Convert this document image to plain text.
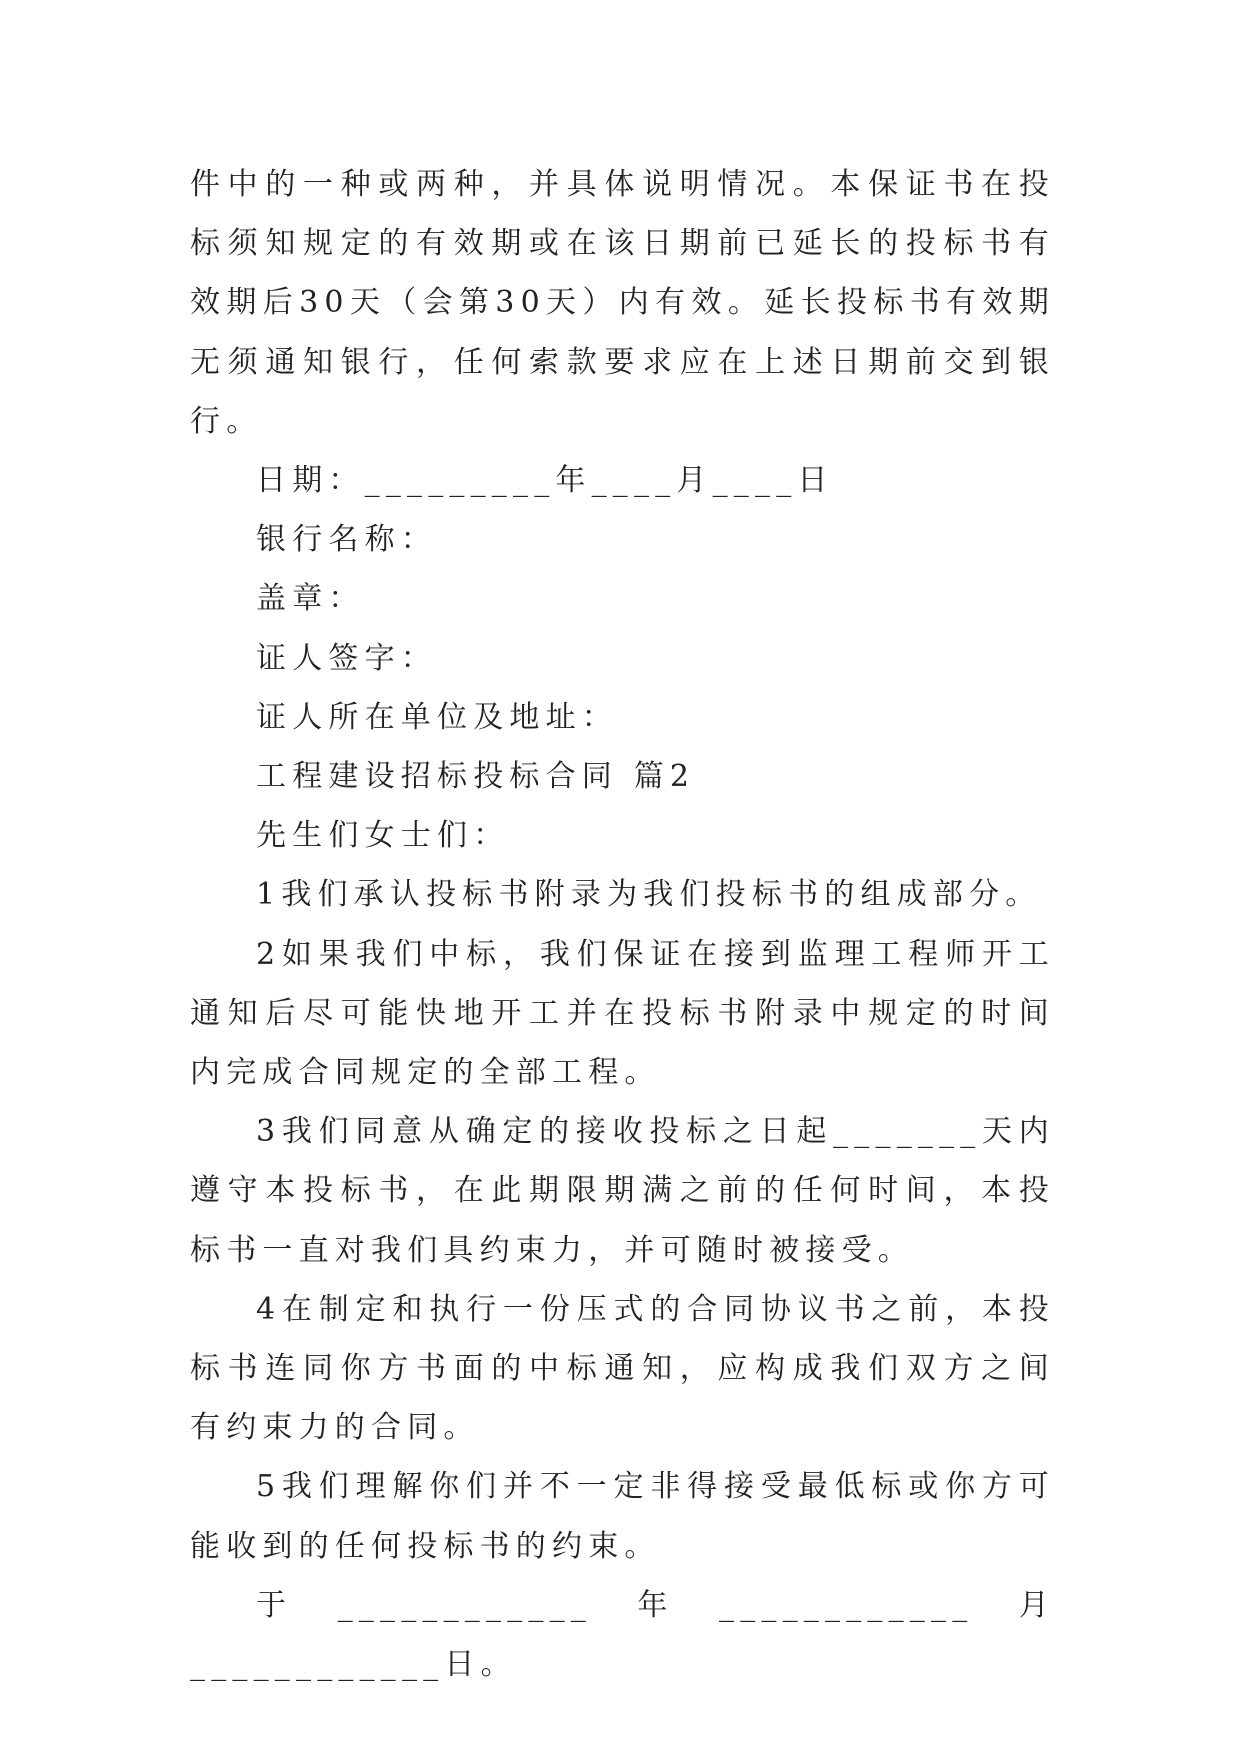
件中的一种或两种，并具体说明情况。本保证书在投标须知规定的有效期或在该日期前已延长的投标书有效期后30天（会第30天）内有效。延长投标书有效期无须通知银行，任何索款要求应在上述日期前交到银行。

日期：_________年____月____日

银行名称：

盖章：

证人签字：

证人所在单位及地址：

工程建设招标投标合同 篇2

先生们女士们：

1我们承认投标书附录为我们投标书的组成部分。

2如果我们中标，我们保证在接到监理工程师开工通知后尽可能快地开工并在投标书附录中规定的时间内完成合同规定的全部工程。

3我们同意从确定的接收投标之日起_______天内遵守本投标书，在此期限期满之前的任何时间，本投标书一直对我们具约束力，并可随时被接受。

4在制定和执行一份压式的合同协议书之前，本投标书连同你方书面的中标通知，应构成我们双方之间有约束力的合同。

5我们理解你们并不一定非得接受最低标或你方可能收到的任何投标书的约束。

于____________年____________月____________日。
